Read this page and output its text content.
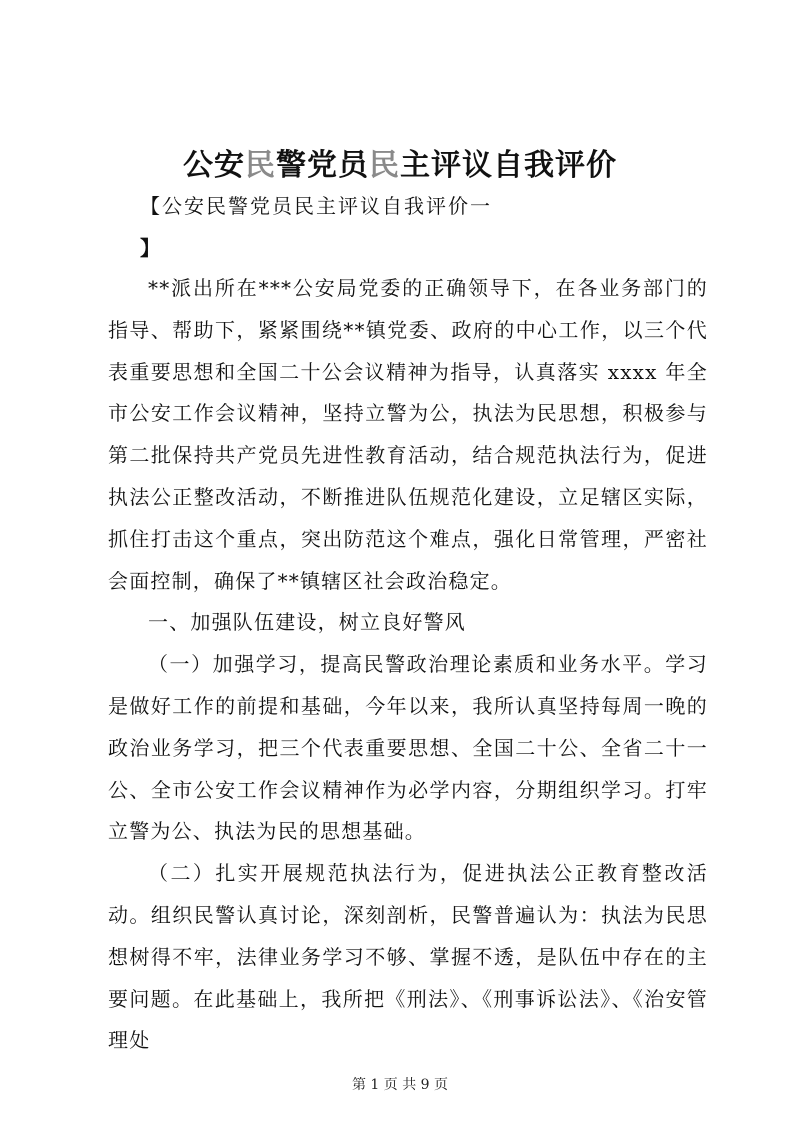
公安民警党员民主评议自我评价
【公安民警党员民主评议自我评价一
】

**派出所在***公安局党委的正确领导下，在各业务部门的指导、帮助下，紧紧围绕**镇党委、政府的中心工作，以三个代表重要思想和全国二十公会议精神为指导，认真落实 xxxx 年全市公安工作会议精神，坚持立警为公，执法为民思想，积极参与第二批保持共产党员先进性教育活动，结合规范执法行为，促进执法公正整改活动，不断推进队伍规范化建设，立足辖区实际，抓住打击这个重点，突出防范这个难点，强化日常管理，严密社会面控制，确保了**镇辖区社会政治稳定。

一、加强队伍建设，树立良好警风

（一）加强学习，提高民警政治理论素质和业务水平。学习是做好工作的前提和基础，今年以来，我所认真坚持每周一晚的政治业务学习，把三个代表重要思想、全国二十公、全省二十一公、全市公安工作会议精神作为必学内容，分期组织学习。打牢立警为公、执法为民的思想基础。

（二）扎实开展规范执法行为，促进执法公正教育整改活动。组织民警认真讨论，深刻剖析，民警普遍认为：执法为民思想树得不牢，法律业务学习不够、掌握不透，是队伍中存在的主要问题。在此基础上，我所把《刑法》、《刑事诉讼法》、《治安管理处

第 1 页 共 9 页
